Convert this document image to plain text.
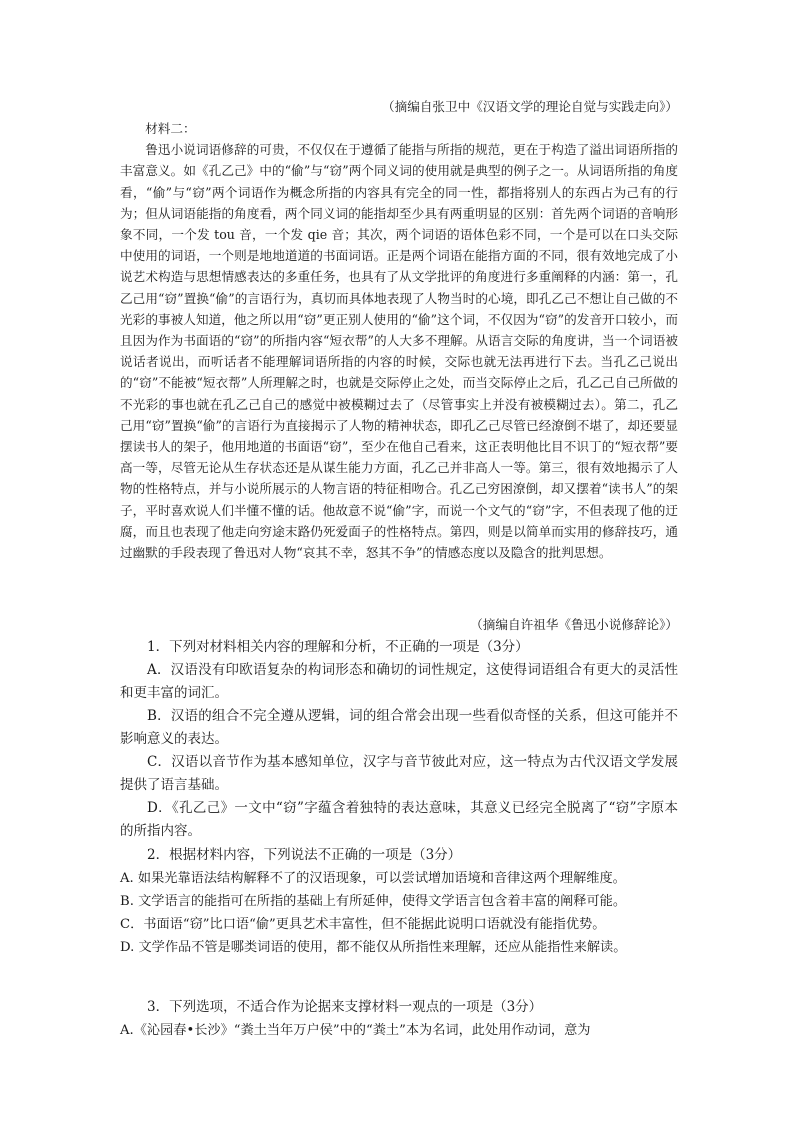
（摘编自张卫中《汉语文学的理论自觉与实践走向》）

材料二：

鲁迅小说词语修辞的可贵，不仅仅在于遵循了能指与所指的规范，更在于构造了溢出词语所指的丰富意义。如《孔乙己》中的“偷”与“窃”两个同义词的使用就是典型的例子之一。从词语所指的角度看，“偷”与“窃”两个词语作为概念所指的内容具有完全的同一性，都指将别人的东西占为己有的行为；但从词语能指的角度看，两个同义词的能指却至少具有两重明显的区别：首先两个词语的音响形象不同，一个发 tou 音，一个发 qie 音；其次，两个词语的语体色彩不同，一个是可以在口头交际中使用的词语，一个则是地地道道的书面词语。正是两个词语在能指方面的不同，很有效地完成了小说艺术构造与思想情感表达的多重任务，也具有了从文学批评的角度进行多重阐释的内涵：第一，孔乙己用“窃”置换“偷”的言语行为，真切而具体地表现了人物当时的心境，即孔乙己不想让自己做的不光彩的事被人知道，他之所以用“窃”更正别人使用的“偷”这个词，不仅因为“窃”的发音开口较小，而且因为作为书面语的“窃”的所指内容“短衣帮”的人大多不理解。从语言交际的角度讲，当一个词语被说话者说出，而听话者不能理解词语所指的内容的时候，交际也就无法再进行下去。当孔乙己说出的“窃”不能被“短衣帮”人所理解之时，也就是交际停止之处，而当交际停止之后，孔乙己自己所做的不光彩的事也就在孔乙己自己的感觉中被模糊过去了（尽管事实上并没有被模糊过去）。第二，孔乙己用“窃”置换“偷”的言语行为直接揭示了人物的精神状态，即孔乙己尽管已经潦倒不堪了，却还要显摆读书人的架子，他用地道的书面语“窃”，至少在他自己看来，这正表明他比目不识丁的“短衣帮”要高一等，尽管无论从生存状态还是从谋生能力方面，孔乙己并非高人一等。第三，很有效地揭示了人物的性格特点，并与小说所展示的人物言语的特征相吻合。孔乙己穷困潦倒，却又摆着“读书人”的架子，平时喜欢说人们半懂不懂的话。他故意不说“偷”字，而说一个文气的“窃”字，不但表现了他的迂腐，而且也表现了他走向穷途末路仍死爱面子的性格特点。第四，则是以简单而实用的修辞技巧，通过幽默的手段表现了鲁迅对人物“哀其不幸，怒其不争”的情感态度以及隐含的批判思想。

（摘编自许祖华《鲁迅小说修辞论》）

1．下列对材料相关内容的理解和分析，不正确的一项是（3分）

A．汉语没有印欧语复杂的构词形态和确切的词性规定，这使得词语组合有更大的灵活性和更丰富的词汇。

B．汉语的组合不完全遵从逻辑，词的组合常会出现一些看似奇怪的关系，但这可能并不影响意义的表达。

C．汉语以音节作为基本感知单位，汉字与音节彼此对应，这一特点为古代汉语文学发展提供了语言基础。

D．《孔乙己》一文中“窃”字蕴含着独特的表达意味，其意义已经完全脱离了“窃”字原本的所指内容。

2．根据材料内容，下列说法不正确的一项是（3分）

A. 如果光靠语法结构解释不了的汉语现象，可以尝试增加语境和音律这两个理解维度。

B. 文学语言的能指可在所指的基础上有所延伸，使得文学语言包含着丰富的阐释可能。

C．书面语“窃”比口语“偷”更具艺术丰富性，但不能据此说明口语就没有能指优势。

D. 文学作品不管是哪类词语的使用，都不能仅从所指性来理解，还应从能指性来解读。

3．下列选项，不适合作为论据来支撑材料一观点的一项是（3分）

A.《沁园春•长沙》“粪土当年万户侯”中的“粪土”本为名词，此处用作动词，意为
